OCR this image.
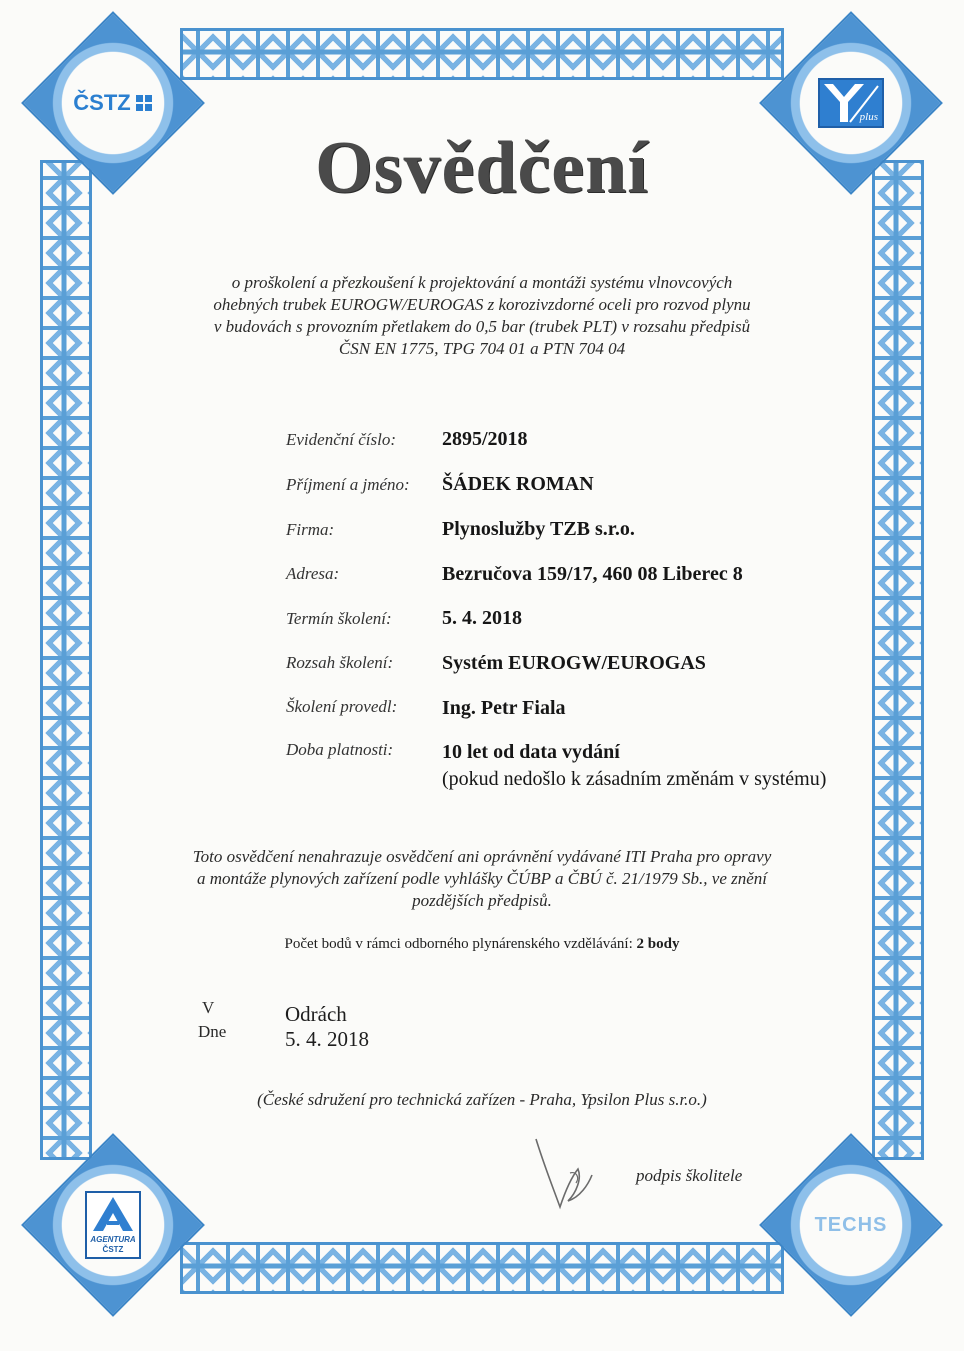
ČSTZ
plus
AGENTURA
ČSTZ
TECHS
Osvědčení
o proškolení a přezkoušení k projektování a montáži systému vlnovcových
ohebných trubek EUROGW/EUROGAS z korozivzdorné oceli pro rozvod plynu
v budovách s provozním přetlakem do 0,5 bar (trubek PLT) v rozsahu předpisů
ČSN EN 1775, TPG 704 01 a PTN 704 04
Evidenční číslo: 2895/2018
Příjmení a jméno: ŠÁDEK ROMAN
Firma:	Plynoslužby TZB s.r.o.
Adresa:	Bezručova 159/17, 460 08 Liberec 8
Termín školení:	5. 4. 2018
Rozsah školení: Systém EUROGW/EUROGAS
Školení provedl: Ing. Petr Fiala
Doba platnosti: 10 let od data vydání
(pokud nedošlo k zásadním změnám v systému)
Toto osvědčení nenahrazuje osvědčení ani oprávnění vydávané ITI Praha pro opravy
a montáže plynových zařízení podle vyhlášky ČÚBP a ČBÚ č. 21/1979 Sb., ve znění
pozdějších předpisů.
Počet bodů v rámci odborného plynárenského vzdělávání: 2 body
V	Odrách
Dne	5. 4. 2018
(České sdružení pro technická zařízen - Praha, Ypsilon Plus s.r.o.)
podpis školitele
